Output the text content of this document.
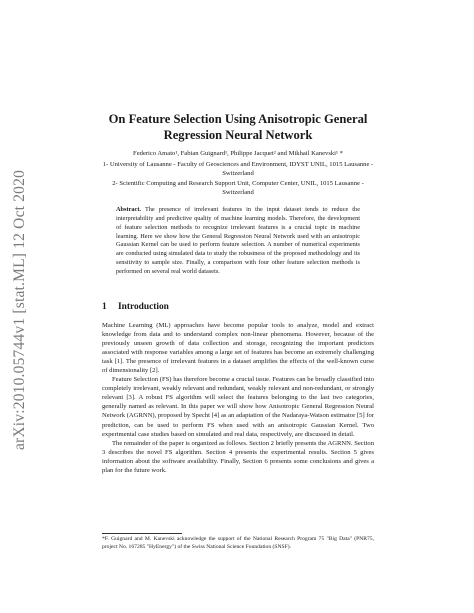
arXiv:2010.05744v1 [stat.ML] 12 Oct 2020
On Feature Selection Using Anisotropic General Regression Neural Network
Federico Amato¹, Fabian Guignard¹, Philippe Jacquet² and Mikhail Kanevski¹ *

1- University of Lausanne - Faculty of Geosciences and Environment, IDYST UNIL, 1015 Lausanne - Switzerland

2- Scientific Computing and Research Support Unit, Computer Center, UNIL, 1015 Lausanne - Switzerland

Abstract. The presence of irrelevant features in the input dataset tends to reduce the interpretability and predictive quality of machine learning models. Therefore, the development of feature selection methods to recognize irrelevant features is a crucial topic in machine learning. Here we show how the General Regression Neural Network used with an anisotropic Gaussian Kernel can be used to perform feature selection. A number of numerical experiments are conducted using simulated data to study the robustness of the proposed methodology and its sensitivity to sample size. Finally, a comparison with four other feature selection methods is performed on several real world datasets.
1 Introduction

Machine Learning (ML) approaches have become popular tools to analyze, model and extract knowledge from data and to understand complex non-linear phenomena. However, because of the previously unseen growth of data collection and storage, recognizing the important predictors associated with response variables among a large set of features has become an extremely challenging task [1]. The presence of irrelevant features in a dataset amplifies the effects of the well-known curse of dimensionality [2].

Feature Selection (FS) has therefore become a crucial issue. Features can be broadly classified into completely irrelevant, weakly relevant and redundant, weakly relevant and non-redundant, or strongly relevant [3]. A robust FS algorithm will select the features belonging to the last two categories, generally named as relevant. In this paper we will show how Anisotropic General Regression Neural Network (AGRNN), proposed by Specht [4] as an adaptation of the Nadaraya-Watson estimator [5] for prediction, can be used to perform FS when used with an anisotropic Gaussian Kernel. Two experimental case studies based on simulated and real data, respectively, are discussed in detail.

The remainder of the paper is organized as follows. Section 2 briefly presents the AGRNN. Section 3 describes the novel FS algorithm. Section 4 presents the experimental results. Section 5 gives information about the software availability. Finally, Section 6 presents some conclusions and gives a plan for the future work.

*F. Guignard and M. Kanevski acknowledge the support of the National Research Program 75 "Big Data" (PNR75, project No. 167285 "HyEnergy") of the Swiss National Science Foundation (SNSF).
